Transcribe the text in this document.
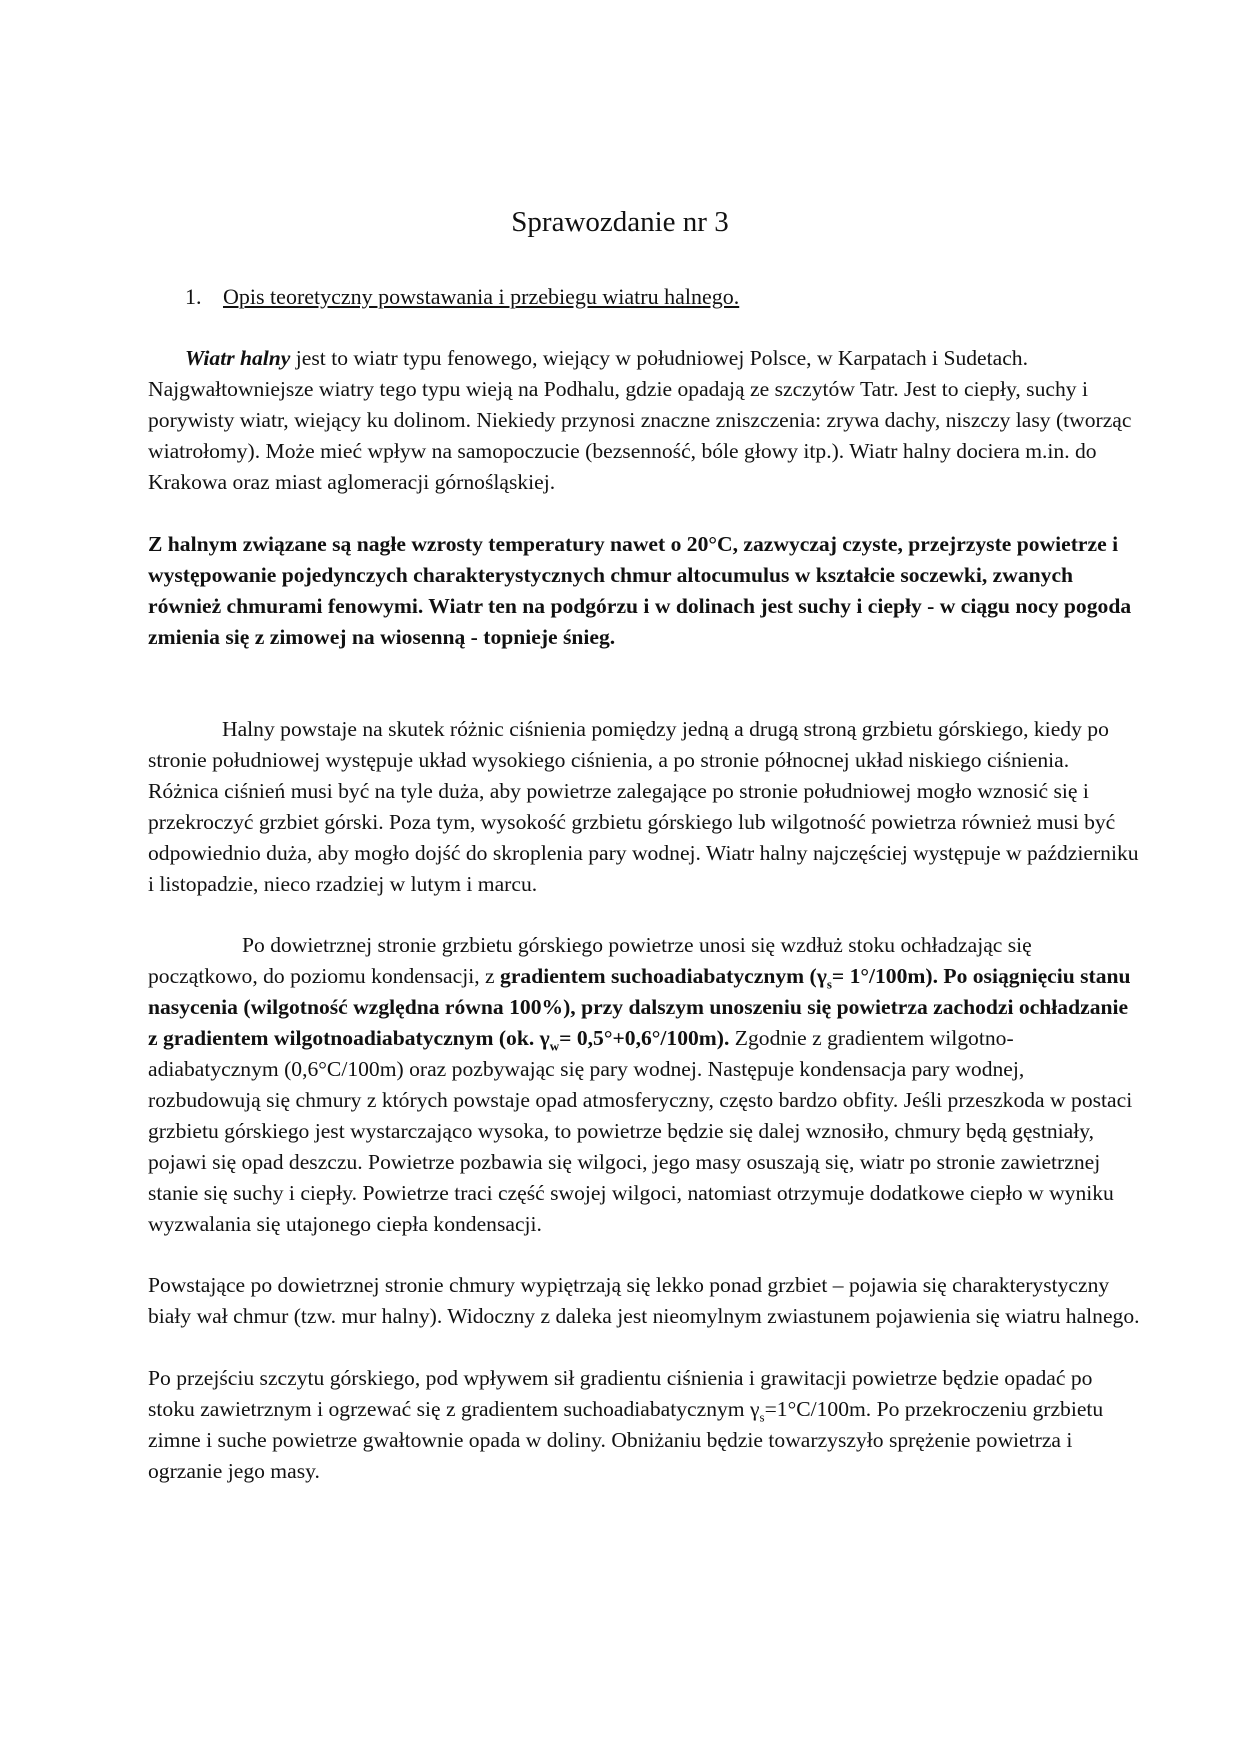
Sprawozdanie nr 3
1. Opis teoretyczny powstawania i przebiegu wiatru halnego.

Wiatr halny jest to wiatr typu fenowego, wiejący w południowej Polsce, w Karpatach i Sudetach. Najgwałtowniejsze wiatry tego typu wieją na Podhalu, gdzie opadają ze szczytów Tatr. Jest to ciepły, suchy i porywisty wiatr, wiejący ku dolinom. Niekiedy przynosi znaczne zniszczenia: zrywa dachy, niszczy lasy (tworząc wiatrołomy). Może mieć wpływ na samopoczucie (bezsenność, bóle głowy itp.). Wiatr halny dociera m.in. do Krakowa oraz miast aglomeracji górnośląskiej.

Z halnym związane są nagłe wzrosty temperatury nawet o 20°C, zazwyczaj czyste, przejrzyste powietrze i występowanie pojedynczych charakterystycznych chmur altocumulus w kształcie soczewki, zwanych również chmurami fenowymi. Wiatr ten na podgórzu i w dolinach jest suchy i ciepły - w ciągu nocy pogoda zmienia się z zimowej na wiosenną - topnieje śnieg.

Halny powstaje na skutek różnic ciśnienia pomiędzy jedną a drugą stroną grzbietu górskiego, kiedy po stronie południowej występuje układ wysokiego ciśnienia, a po stronie północnej układ niskiego ciśnienia. Różnica ciśnień musi być na tyle duża, aby powietrze zalegające po stronie południowej mogło wznosić się i przekroczyć grzbiet górski. Poza tym, wysokość grzbietu górskiego lub wilgotność powietrza również musi być odpowiednio duża, aby mogło dojść do skroplenia pary wodnej. Wiatr halny najczęściej występuje w październiku i listopadzie, nieco rzadziej w lutym i marcu.

Po dowietrznej stronie grzbietu górskiego powietrze unosi się wzdłuż stoku ochładzając się początkowo, do poziomu kondensacji, z gradientem suchoadiabatycznym $(\gamma_s= 1^\circ/100m)$. Po osiągnięciu stanu nasycenia (wilgotność względna równa 100%), przy dalszym unoszeniu się powietrza zachodzi ochładzanie z gradientem wilgotnoadiabatycznym (ok. $\gamma_w= 0,5^\circ+0,6^\circ/100m$). Zgodnie z gradientem wilgotno-adiabatycznym (0,6°C/100m) oraz pozbywając się pary wodnej. Następuje kondensacja pary wodnej, rozbudowują się chmury z których powstaje opad atmosferyczny, często bardzo obfity. Jeśli przeszkoda w postaci grzbietu górskiego jest wystarczająco wysoka, to powietrze będzie się dalej wznosiło, chmury będą gęstniały, pojawi się opad deszczu. Powietrze pozbawia się wilgoci, jego masy osuszają się, wiatr po stronie zawietrznej stanie się suchy i ciepły. Powietrze traci część swojej wilgoci, natomiast otrzymuje dodatkowe ciepło w wyniku wyzwalania się utajonego ciepła kondensacji.

Powstające po dowietrznej stronie chmury wypiętrzają się lekko ponad grzbiet – pojawia się charakterystyczny biały wał chmur (tzw. mur halny). Widoczny z daleka jest nieomylnym zwiastunem pojawienia się wiatru halnego.

Po przejściu szczytu górskiego, pod wpływem sił gradientu ciśnienia i grawitacji powietrze będzie opadać po stoku zawietrznym i ogrzewać się z gradientem suchoadiabatycznym $\gamma_s=1^\circ C/100m$. Po przekroczeniu grzbietu zimne i suche powietrze gwałtownie opada w doliny. Obniżaniu będzie towarzyszyło sprężenie powietrza i ogrzanie jego masy.
